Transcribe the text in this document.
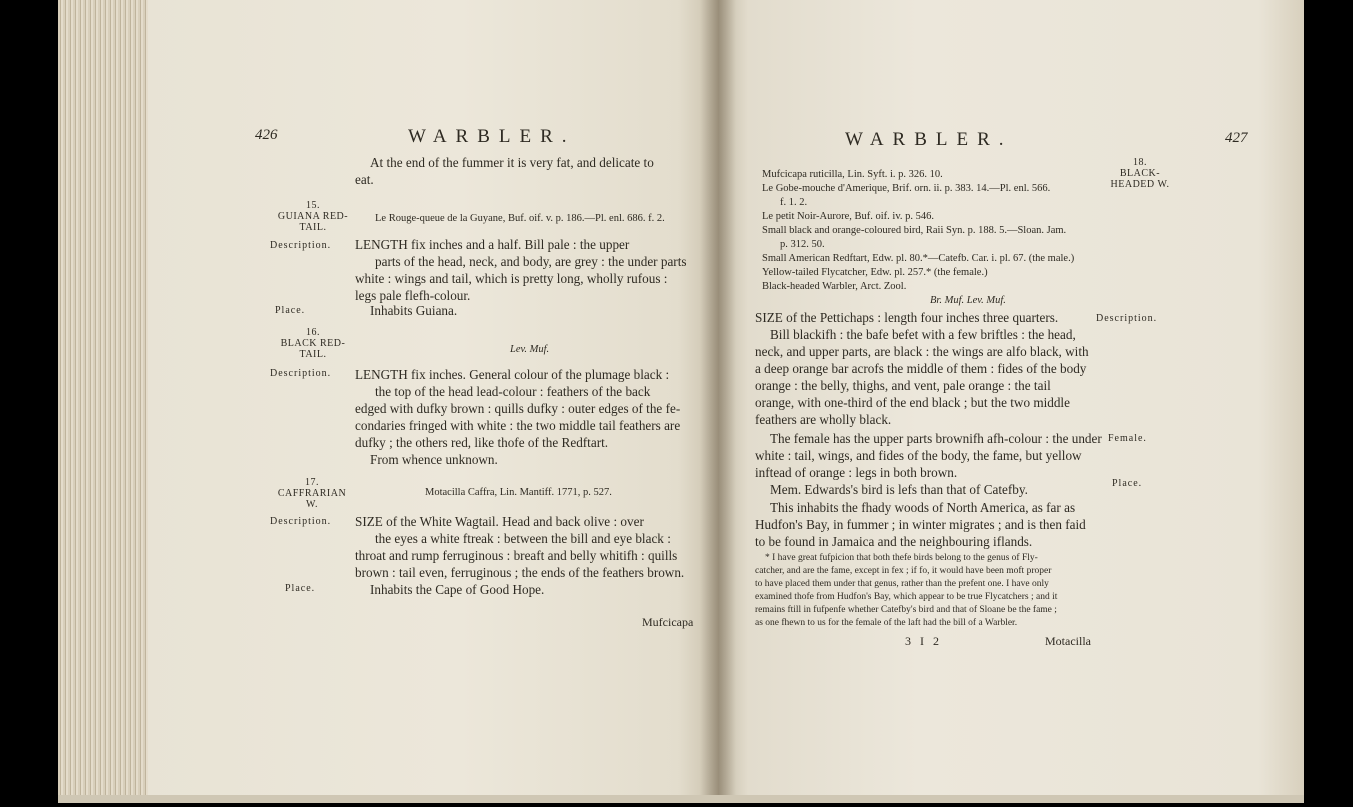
426	WARBLER.
At the end of the fummer it is very fat, and delicate to
eat.
15.
GUIANA RED-
TAIL.
Le Rouge-queue de la Guyane, Buf. oif. v. p. 186.—Pl. enl. 686. f. 2.
Description. LENGTH fix inches and a half. Bill pale : the upper
parts of the head, neck, and body, are grey : the under parts
white : wings and tail, which is pretty long, wholly rufous :
legs pale flefh-colour.
Place.	Inhabits Guiana.
16.
BLACK RED-
TAIL.	Lev. Muf.
Description. LENGTH fix inches. General colour of the plumage black :
the top of the head lead-colour : feathers of the back
edged with dufky brown : quills dufky : outer edges of the fe-
condaries fringed with white : the two middle tail feathers are
dufky ; the others red, like thofe of the Redftart.
From whence unknown.
17.
CAFFRARIAN
W.
Motacilla Caffra, Lin. Mantiff. 1771, p. 527.
Description. SIZE of the White Wagtail. Head and back olive : over
the eyes a white ftreak : between the bill and eye black :
throat and rump ferruginous : breaft and belly whitifh : quills
brown : tail even, ferruginous ; the ends of the feathers brown.
Place.	Inhabits the Cape of Good Hope.
Mufcicapa
WARBLER.	427
18.
BLACK-
HEADED W.
Mufcicapa ruticilla, Lin. Syft. i. p. 326. 10.
Le Gobe-mouche d'Amerique, Brif. orn. ii. p. 383. 14.—Pl. enl. 566.
f. 1. 2.
Le petit Noir-Aurore, Buf. oif. iv. p. 546.
Small black and orange-coloured bird, Raii Syn. p. 188. 5.—Sloan. Jam.
p. 312. 50.
Small American Redftart, Edw. pl. 80.*—Catefb. Car. i. pl. 67. (the male.)
Yellow-tailed Flycatcher, Edw. pl. 257.* (the female.)
Black-headed Warbler, Arct. Zool.
Br. Muf. Lev. Muf.
Description.
SIZE of the Pettichaps : length four inches three quarters.
Bill blackifh : the bafe befet with a few briftles : the head,
neck, and upper parts, are black : the wings are alfo black, with
a deep orange bar acrofs the middle of them : fides of the body
orange : the belly, thighs, and vent, pale orange : the tail
orange, with one-third of the end black ; but the two middle
feathers are wholly black.
Female.
The female has the upper parts brownifh afh-colour : the under
white : tail, wings, and fides of the body, the fame, but yellow
inftead of orange : legs in both brown.
Mem. Edwards's bird is lefs than that of Catefby.	Place.
This inhabits the fhady woods of North America, as far as
Hudfon's Bay, in fummer ; in winter migrates ; and is then faid
to be found in Jamaica and the neighbouring iflands.
* I have great fufpicion that both thefe birds belong to the genus of Fly-
catcher, and are the fame, except in fex ; if fo, it would have been moft proper
to have placed them under that genus, rather than the prefent one. I have only
examined thofe from Hudfon's Bay, which appear to be true Flycatchers ; and it
remains ftill in fufpenfe whether Catefby's bird and that of Sloane be the fame ;
as one fhewn to us for the female of the laft had the bill of a Warbler.
3 I 2	Motacilla
